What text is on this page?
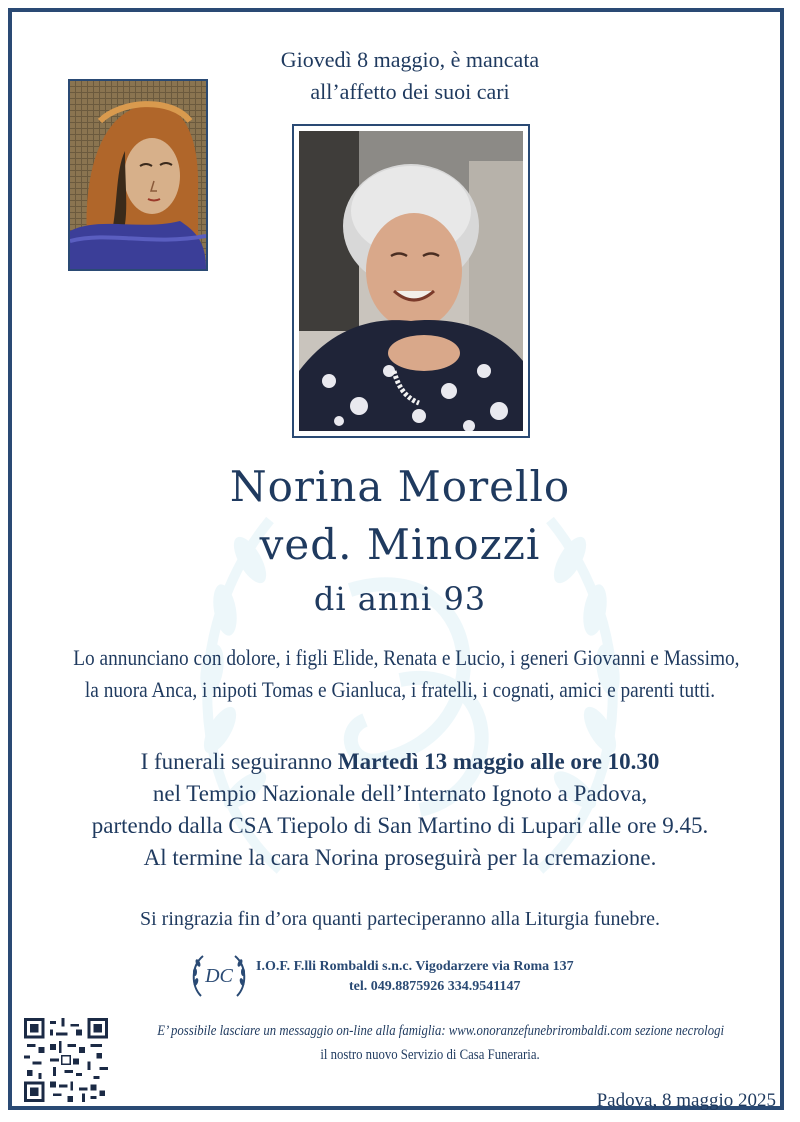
Giovedì 8 maggio, è mancata
all’affetto dei suoi cari
Norina Morello
ved. Minozzi
di anni 93
Lo annunciano con dolore, i figli Elide, Renata e Lucio, i generi Giovanni e Massimo,
la nuora Anca, i nipoti Tomas e Gianluca, i fratelli, i cognati, amici e parenti tutti.
I funerali seguiranno Martedì 13 maggio alle ore 10.30
nel Tempio Nazionale dell’Internato Ignoto a Padova,
partendo dalla CSA Tiepolo di San Martino di Lupari alle ore 9.45.
Al termine la cara Norina proseguirà per la cremazione.
Si ringrazia fin d’ora quanti parteciperanno alla Liturgia funebre.
DC I.O.F. F.lli Rombaldi s.n.c. Vigodarzere via Roma 137
tel. 049.8875926 334.9541147
E’ possibile lasciare un messaggio on-line alla famiglia: www.onoranzefunebrirombaldi.com sezione necrologi
il nostro nuovo Servizio di Casa Funeraria.
Padova, 8 maggio 2025
